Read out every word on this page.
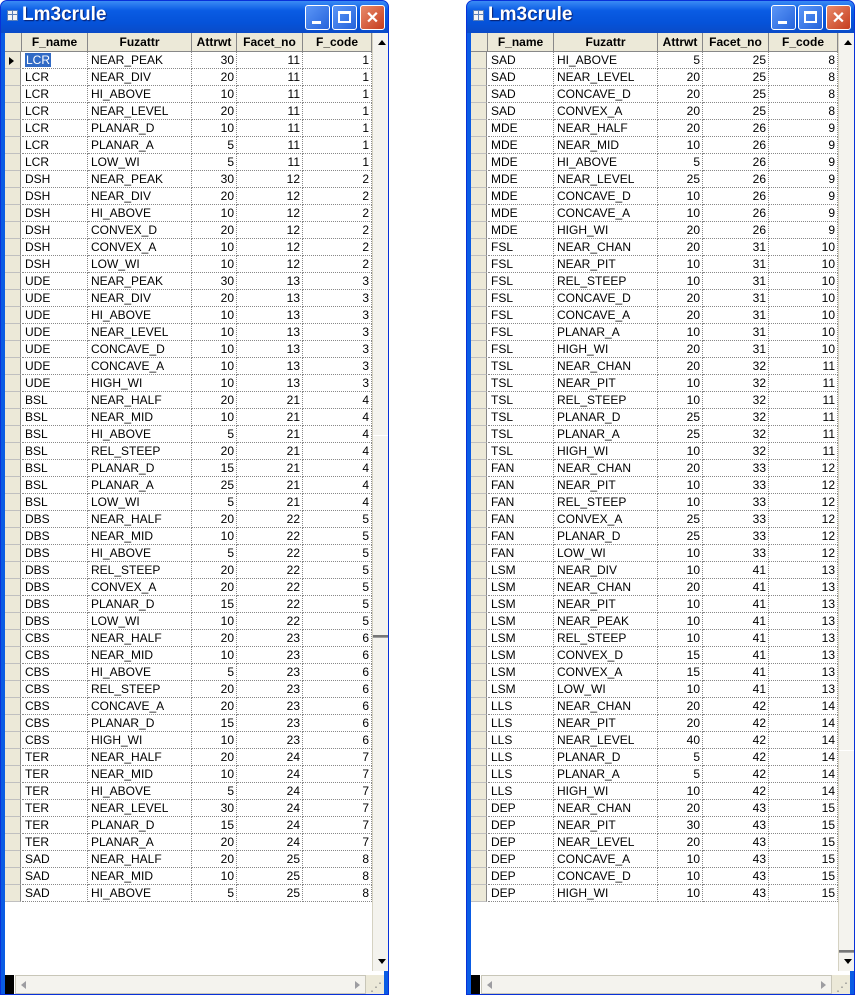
Lm3crule
✕
F_name	Fuzattr	Attrwt Facet_no	F_code
LCR	NEAR_PEAK	30	11	1
LCR	NEAR_DIV	20	11	1
LCR	HI_ABOVE	10	11	1
LCR	NEAR_LEVEL	20	11	1
LCR	PLANAR_D	10	11	1
LCR	PLANAR_A	5	11	1
LCR	LOW_WI	5	11	1
DSH	NEAR_PEAK	30	12	2
DSH	NEAR_DIV	20	12	2
DSH	HI_ABOVE	10	12	2
DSH	CONVEX_D	20	12	2
DSH	CONVEX_A	10	12	2
DSH	LOW_WI	10	12	2
UDE	NEAR_PEAK	30	13	3
UDE	NEAR_DIV	20	13	3
UDE	HI_ABOVE	10	13	3
UDE	NEAR_LEVEL	10	13	3
UDE	CONCAVE_D	10	13	3
UDE	CONCAVE_A	10	13	3
UDE	HIGH_WI	10	13	3
BSL	NEAR_HALF	20	21	4
BSL	NEAR_MID	10	21	4
BSL	HI_ABOVE	5	21	4
BSL	REL_STEEP	20	21	4
BSL	PLANAR_D	15	21	4
BSL	PLANAR_A	25	21	4
BSL	LOW_WI	5	21	4
DBS	NEAR_HALF	20	22	5
DBS	NEAR_MID	10	22	5
DBS	HI_ABOVE	5	22	5
DBS	REL_STEEP	20	22	5
DBS	CONVEX_A	20	22	5
DBS	PLANAR_D	15	22	5
DBS	LOW_WI	10	22	5
CBS	NEAR_HALF	20	23	6
CBS	NEAR_MID	10	23	6
CBS	HI_ABOVE	5	23	6
CBS	REL_STEEP	20	23	6
CBS	CONCAVE_A	20	23	6
CBS	PLANAR_D	15	23	6
CBS	HIGH_WI	10	23	6
TER	NEAR_HALF	20	24	7
TER	NEAR_MID	10	24	7
TER	HI_ABOVE	5	24	7
TER	NEAR_LEVEL	30	24	7
TER	PLANAR_D	15	24	7
TER	PLANAR_A	20	24	7
SAD	NEAR_HALF	20	25	8
SAD	NEAR_MID	10	25	8
SAD	HI_ABOVE	5	25	8
⋰
Lm3crule
✕
F_name	Fuzattr	Attrwt Facet_no	F_code
SAD	HI_ABOVE	5	25	8
SAD	NEAR_LEVEL	20	25	8
SAD	CONCAVE_D	20	25	8
SAD	CONVEX_A	20	25	8
MDE	NEAR_HALF	20	26	9
MDE	NEAR_MID	10	26	9
MDE	HI_ABOVE	5	26	9
MDE	NEAR_LEVEL	25	26	9
MDE	CONCAVE_D	10	26	9
MDE	CONCAVE_A	10	26	9
MDE	HIGH_WI	20	26	9
FSL	NEAR_CHAN	20	31	10
FSL	NEAR_PIT	10	31	10
FSL	REL_STEEP	10	31	10
FSL	CONCAVE_D	20	31	10
FSL	CONCAVE_A	20	31	10
FSL	PLANAR_A	10	31	10
FSL	HIGH_WI	20	31	10
TSL	NEAR_CHAN	20	32	11
TSL	NEAR_PIT	10	32	11
TSL	REL_STEEP	10	32	11
TSL	PLANAR_D	25	32	11
TSL	PLANAR_A	25	32	11
TSL	HIGH_WI	10	32	11
FAN	NEAR_CHAN	20	33	12
FAN	NEAR_PIT	10	33	12
FAN	REL_STEEP	10	33	12
FAN	CONVEX_A	25	33	12
FAN	PLANAR_D	25	33	12
FAN	LOW_WI	10	33	12
LSM	NEAR_DIV	10	41	13
LSM	NEAR_CHAN	20	41	13
LSM	NEAR_PIT	10	41	13
LSM	NEAR_PEAK	10	41	13
LSM	REL_STEEP	10	41	13
LSM	CONVEX_D	15	41	13
LSM	CONVEX_A	15	41	13
LSM	LOW_WI	10	41	13
LLS	NEAR_CHAN	20	42	14
LLS	NEAR_PIT	20	42	14
LLS	NEAR_LEVEL	40	42	14
LLS	PLANAR_D	5	42	14
LLS	PLANAR_A	5	42	14
LLS	HIGH_WI	10	42	14
DEP	NEAR_CHAN	20	43	15
DEP	NEAR_PIT	30	43	15
DEP	NEAR_LEVEL	20	43	15
DEP	CONCAVE_A	10	43	15
DEP	CONCAVE_D	10	43	15
DEP	HIGH_WI	10	43	15
⋰
